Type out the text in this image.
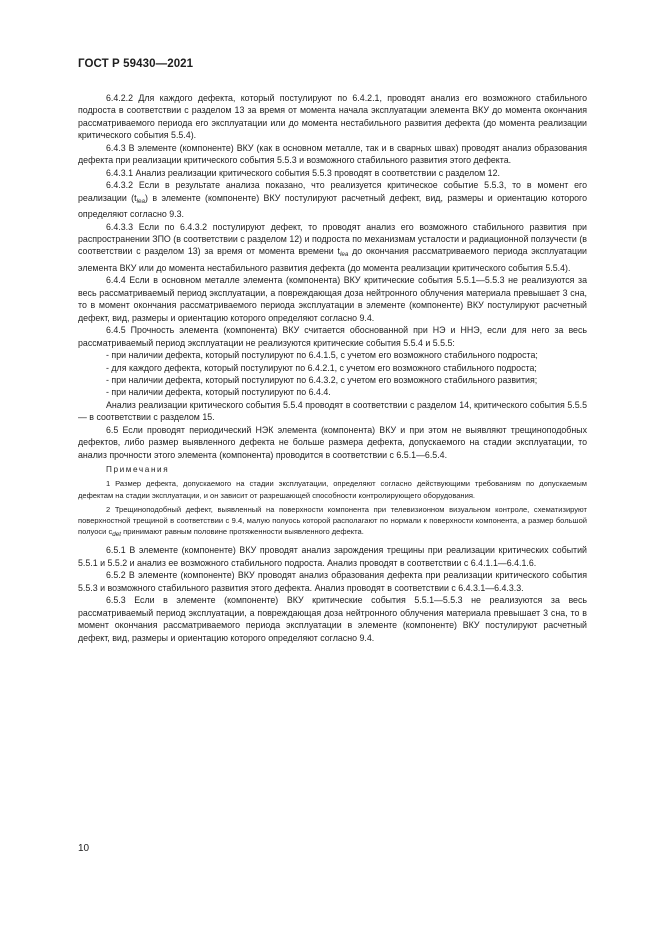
ГОСТ Р 59430—2021

6.4.2.2 Для каждого дефекта, который постулируют по 6.4.2.1, проводят анализ его возможного стабильного подроста в соответствии с разделом 13 за время от момента начала эксплуатации элемента ВКУ до момента окончания рассматриваемого периода его эксплуатации или до момента нестабильного развития дефекта (до момента реализации критического события 5.5.4).

6.4.3 В элементе (компоненте) ВКУ (как в основном металле, так и в сварных швах) проводят анализ образования дефекта при реализации критического события 5.5.3 и возможного стабильного развития этого дефекта.

6.4.3.1 Анализ реализации критического события 5.5.3 проводят в соответствии с разделом 12.

6.4.3.2 Если в результате анализа показано, что реализуется критическое событие 5.5.3, то в момент его реализации $(t_{lea})$ в элементе (компоненте) ВКУ постулируют расчетный дефект, вид, размеры и ориентацию которого определяют согласно 9.3.

6.4.3.3 Если по 6.4.3.2 постулируют дефект, то проводят анализ его возможного стабильного развития при распространении ЗПО (в соответствии с разделом 12) и подроста по механизмам усталости и радиационной ползучести (в соответствии с разделом 13) за время от момента времени $t_{lea}$ до окончания рассматриваемого периода эксплуатации элемента ВКУ или до момента нестабильного развития дефекта (до момента реализации критического события 5.5.4).

6.4.4 Если в основном металле элемента (компонента) ВКУ критические события 5.5.1—5.5.3 не реализуются за весь рассматриваемый период эксплуатации, а повреждающая доза нейтронного облучения материала превышает 3 сна, то в момент окончания рассматриваемого периода эксплуатации в элементе (компоненте) ВКУ постулируют расчетный дефект, вид, размеры и ориентацию которого определяют согласно 9.4.

6.4.5 Прочность элемента (компонента) ВКУ считается обоснованной при НЭ и ННЭ, если для него за весь рассматриваемый период эксплуатации не реализуются критические события 5.5.4 и 5.5.5:

- при наличии дефекта, который постулируют по 6.4.1.5, с учетом его возможного стабильного подроста;

- для каждого дефекта, который постулируют по 6.4.2.1, с учетом его возможного стабильного подроста;

- при наличии дефекта, который постулируют по 6.4.3.2, с учетом его возможного стабильного развития;

- при наличии дефекта, который постулируют по 6.4.4.

Анализ реализации критического события 5.5.4 проводят в соответствии с разделом 14, критического события 5.5.5 — в соответствии с разделом 15.

6.5 Если проводят периодический НЭК элемента (компонента) ВКУ и при этом не выявляют трещиноподобных дефектов, либо размер выявленного дефекта не больше размера дефекта, допускаемого на стадии эксплуатации, то анализ прочности этого элемента (компонента) проводится в соответствии с 6.5.1—6.5.4.

Примечания

1 Размер дефекта, допускаемого на стадии эксплуатации, определяют согласно действующими требованиям по допускаемым дефектам на стадии эксплуатации, и он зависит от разрешающей способности контролирующего оборудования.

2 Трещиноподобный дефект, выявленный на поверхности компонента при телевизионном визуальном контроле, схематизируют поверхностной трещиной в соответствии с 9.4, малую полуось которой располагают по нормали к поверхности компонента, а размер большой полуоси $c_{det}$ принимают равным половине протяженности выявленного дефекта.

6.5.1 В элементе (компоненте) ВКУ проводят анализ зарождения трещины при реализации критических событий 5.5.1 и 5.5.2 и анализ ее возможного стабильного подроста. Анализ проводят в соответствии с 6.4.1.1—6.4.1.6.

6.5.2 В элементе (компоненте) ВКУ проводят анализ образования дефекта при реализации критического события 5.5.3 и возможного стабильного развития этого дефекта. Анализ проводят в соответствии с 6.4.3.1—6.4.3.3.

6.5.3 Если в элементе (компоненте) ВКУ критические события 5.5.1—5.5.3 не реализуются за весь рассматриваемый период эксплуатации, а повреждающая доза нейтронного облучения материала превышает 3 сна, то в момент окончания рассматриваемого периода эксплуатации в элементе (компоненте) ВКУ постулируют расчетный дефект, вид, размеры и ориентацию которого определяют согласно 9.4.

10
